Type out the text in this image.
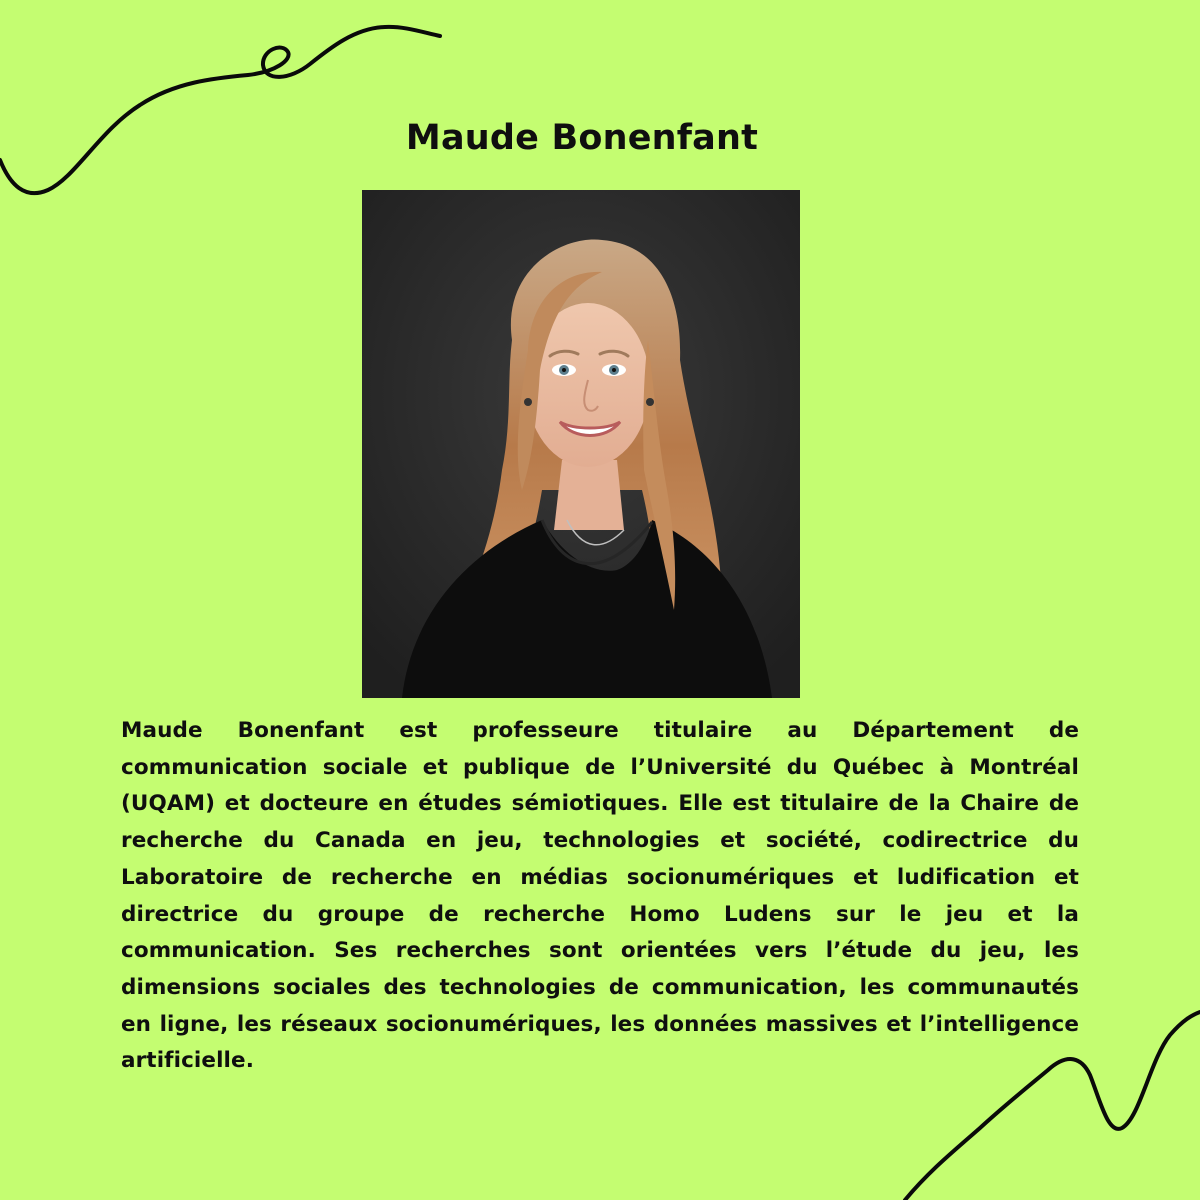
Maude Bonenfant

Maude Bonenfant est professeure titulaire au Département de communication sociale et publique de l’Université du Québec à Montréal (UQAM) et docteure en études sémiotiques. Elle est titulaire de la Chaire de recherche du Canada en jeu, technologies et société, codirectrice du Laboratoire de recherche en médias socionumériques et ludification et directrice du groupe de recherche Homo Ludens sur le jeu et la communication. Ses recherches sont orientées vers l’étude du jeu, les dimensions sociales des technologies de communication, les communautés en ligne, les réseaux socionumériques, les données massives et l’intelligence artificielle.
